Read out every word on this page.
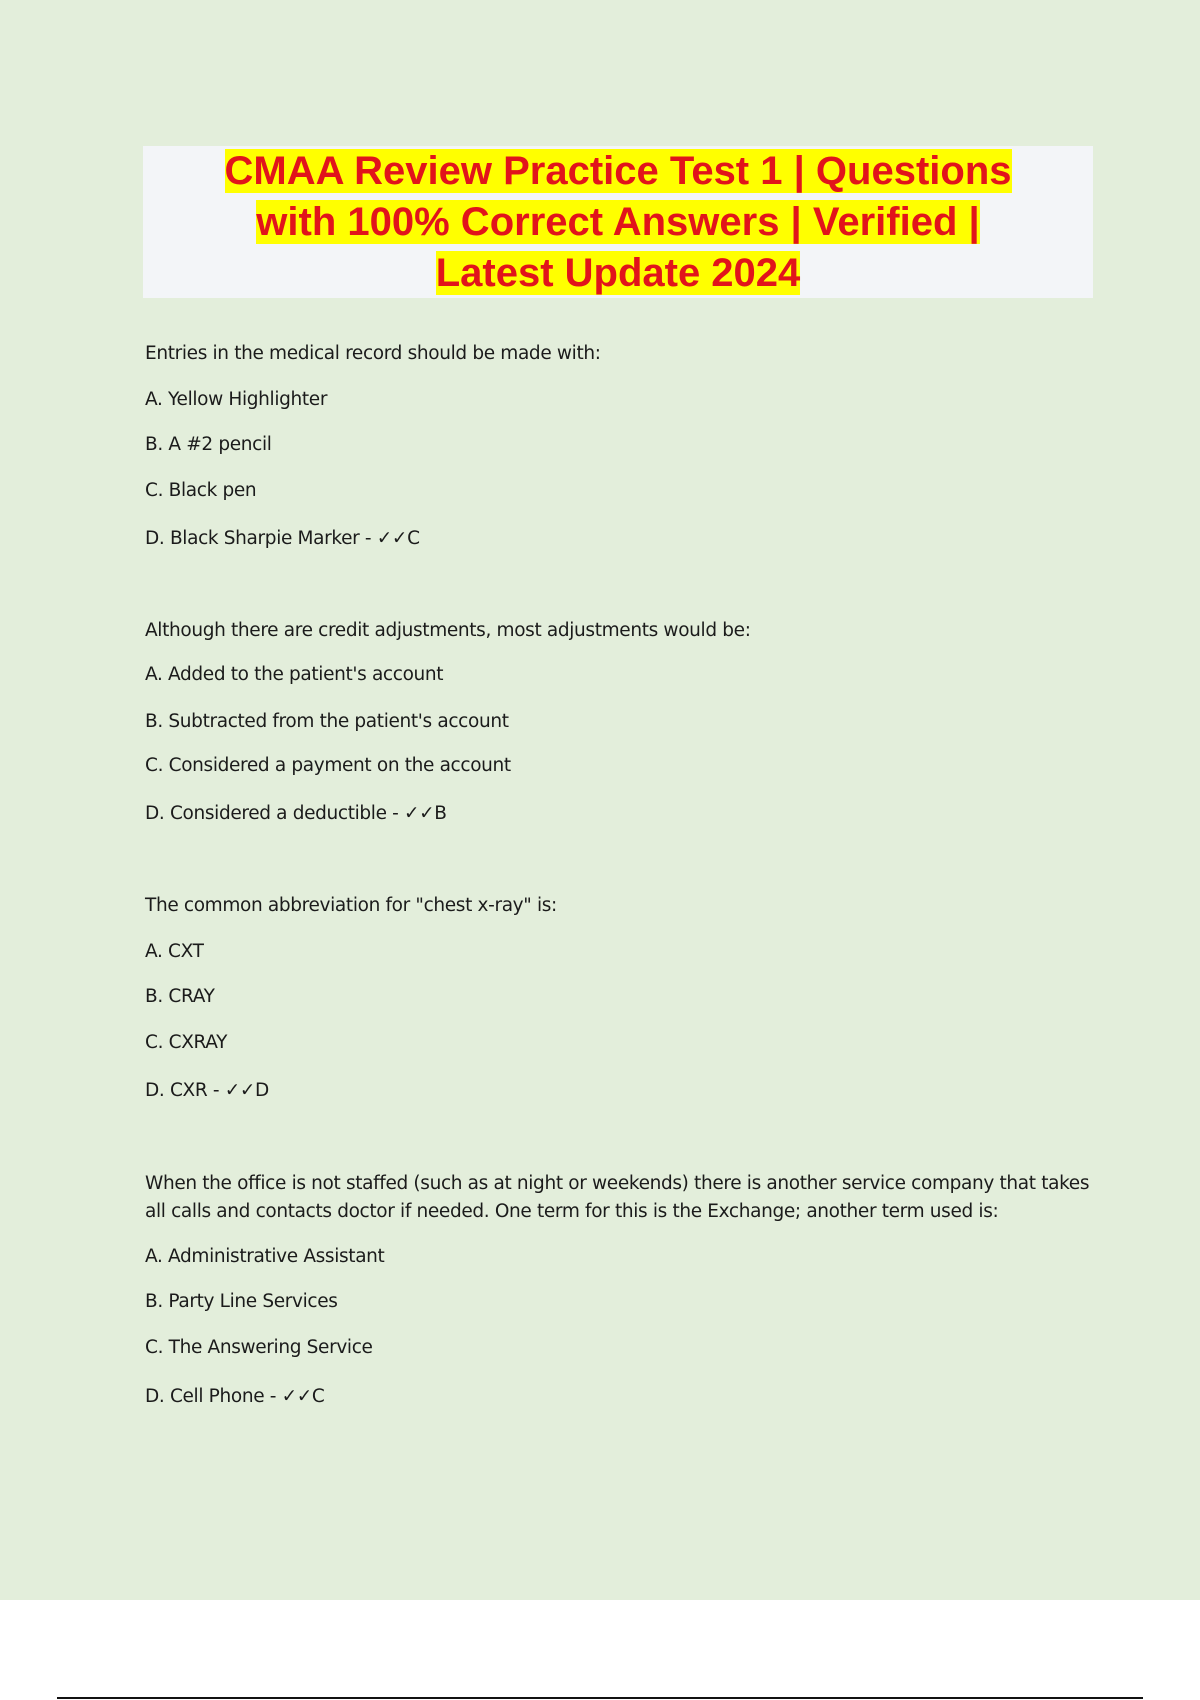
CMAA Review Practice Test 1 | Questions
with 100% Correct Answers | Verified |
Latest Update 2024

Entries in the medical record should be made with:

A. Yellow Highlighter

B. A #2 pencil

C. Black pen

D. Black Sharpie Marker - ✓✓C

Although there are credit adjustments, most adjustments would be:

A. Added to the patient's account

B. Subtracted from the patient's account

C. Considered a payment on the account

D. Considered a deductible - ✓✓B

The common abbreviation for "chest x-ray" is:

A. CXT

B. CRAY

C. CXRAY

D. CXR - ✓✓D

When the office is not staffed (such as at night or weekends) there is another service company that takes all calls and contacts doctor if needed. One term for this is the Exchange; another term used is:

A. Administrative Assistant

B. Party Line Services

C. The Answering Service

D. Cell Phone - ✓✓C
